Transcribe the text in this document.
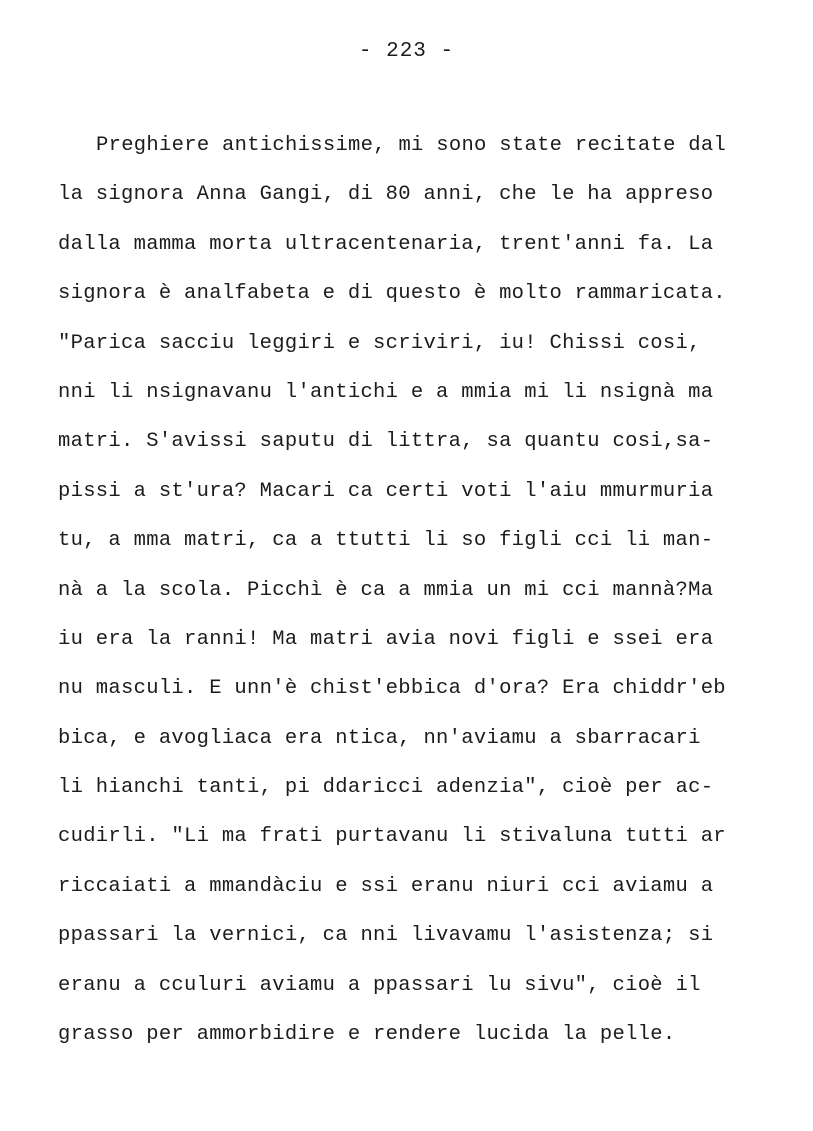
- 223 -
Preghiere antichissime, mi sono state recitate dal
la signora Anna Gangi, di 80 anni, che le ha appreso
dalla mamma morta ultracentenaria, trent'anni fa. La
signora è analfabeta e di questo è molto rammaricata.
"Parica sacciu leggiri e scriviri, iu! Chissi cosi,
nni li nsignavanu l'antichi e a mmia mi li nsignà ma
matri. S'avissi saputu di littra, sa quantu cosi,sa-
pissi a st'ura? Macari ca certi voti l'aiu mmurmuria
tu, a mma matri, ca a ttutti li so figli cci li man-
nà a la scola. Picchì è ca a mmia un mi cci mannà?Ma
iu era la ranni! Ma matri avia novi figli e ssei era
nu masculi. E unn'è chist'ebbica d'ora? Era chiddr'eb
bica, e avogliaca era ntica, nn'aviamu a sbarracari
li hianchi tanti, pi ddaricci adenzia", cioè per ac-
cudirli. "Li ma frati purtavanu li stivaluna tutti ar
riccaiati a mmandàciu e ssi eranu niuri cci aviamu a
ppassari la vernici, ca nni livavamu l'asistenza; si
eranu a cculuri aviamu a ppassari lu sivu", cioè il
grasso per ammorbidire e rendere lucida la pelle.
